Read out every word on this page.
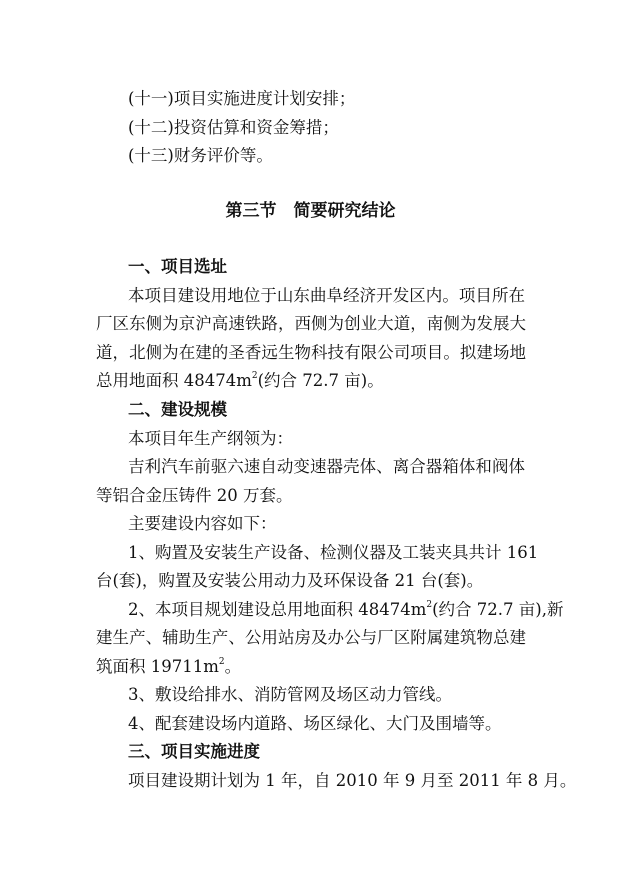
(十一)项目实施进度计划安排；
(十二)投资估算和资金筹措；
(十三)财务评价等。
第三节　简要研究结论
一、项目选址
本项目建设用地位于山东曲阜经济开发区内。项目所在
厂区东侧为京沪高速铁路，西侧为创业大道，南侧为发展大
道，北侧为在建的圣香远生物科技有限公司项目。拟建场地
总用地面积 $48474m^2$(约合 72.7 亩)。
二、建设规模
本项目年生产纲领为：
吉利汽车前驱六速自动变速器壳体、离合器箱体和阀体
等铝合金压铸件 20 万套。
主要建设内容如下：
1、购置及安装生产设备、检测仪器及工装夹具共计 161
台(套)，购置及安装公用动力及环保设备 21 台(套)。
2、本项目规划建设总用地面积 $48474m^2$(约合 72.7 亩),新
建生产、辅助生产、公用站房及办公与厂区附属建筑物总建
筑面积 $19711m^2$。
3、敷设给排水、消防管网及场区动力管线。
4、配套建设场内道路、场区绿化、大门及围墙等。
三、项目实施进度
项目建设期计划为 1 年，自 2010 年 9 月至 2011 年 8 月。
